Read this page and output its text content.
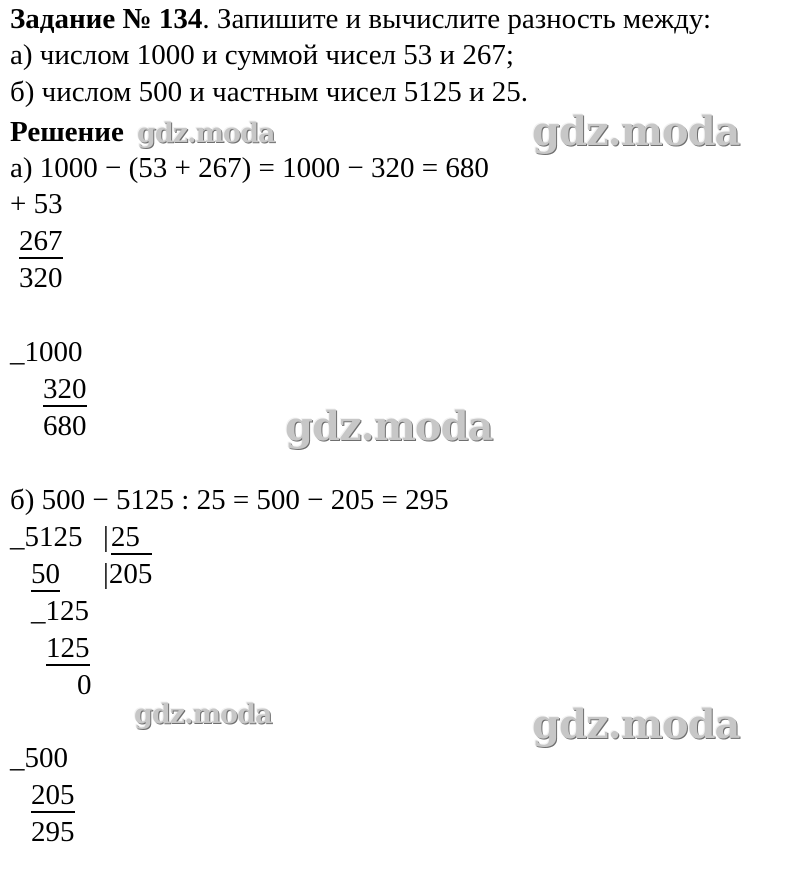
Задание № 134. Запишите и вычислите разность между:
а) числом 1000 и суммой чисел 53 и 267;
б) числом 500 и частным чисел 5125 и 25.
Решение
а) 1000 − (53 + 267) = 1000 − 320 = 680
+ 53
267
320
_1000
320
680
б) 500 − 5125 : 25 = 500 − 205 = 295
_5125 |25
50 |205
_125
125
0
_500
205
295
gdz.moda	gdz.moda
gdz.moda
gdz.moda	gdz.moda
